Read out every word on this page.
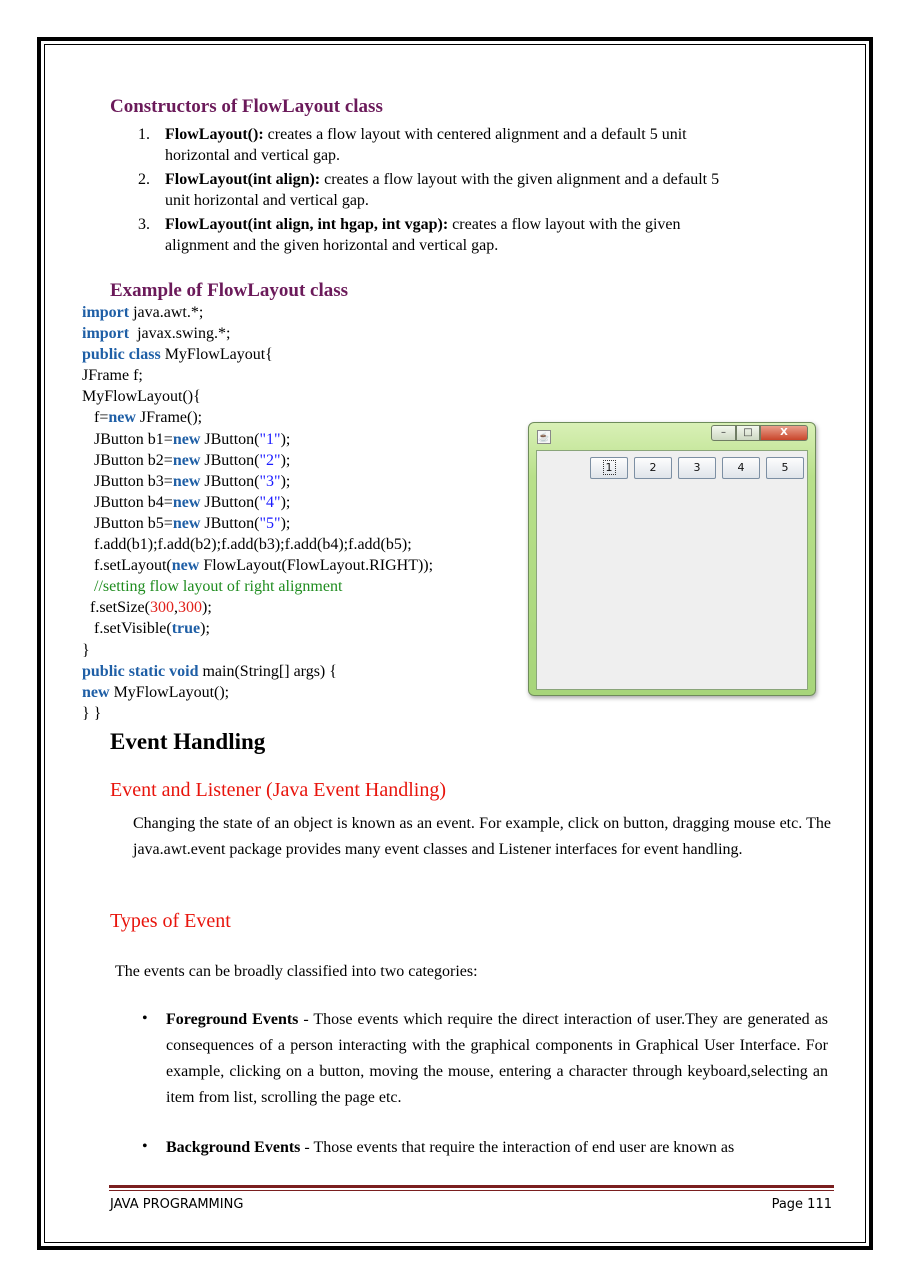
Constructors of FlowLayout class
1. FlowLayout(): creates a flow layout with centered alignment and a default 5 unit
horizontal and vertical gap.
2. FlowLayout(int align): creates a flow layout with the given alignment and a default 5
unit horizontal and vertical gap.
3. FlowLayout(int align, int hgap, int vgap): creates a flow layout with the given
alignment and the given horizontal and vertical gap.
Example of FlowLayout class
import java.awt.*;
import  javax.swing.*;
public class MyFlowLayout{
JFrame f;
MyFlowLayout(){
f=new JFrame();
JButton b1=new JButton("1");
JButton b2=new JButton("2");
JButton b3=new JButton("3");
JButton b4=new JButton("4");
JButton b5=new JButton("5");
f.add(b1);f.add(b2);f.add(b3);f.add(b4);f.add(b5);
f.setLayout(new FlowLayout(FlowLayout.RIGHT));
//setting flow layout of right alignment
f.setSize(300,300);
f.setVisible(true);
}
public static void main(String[] args) {
new MyFlowLayout();
} }
☕	–	□	X
1	2	3	4	5
Event Handling
Event and Listener (Java Event Handling)
Changing the state of an object is known as an event. For example, click on button, dragging mouse etc. The java.awt.event package provides many event classes and Listener interfaces for event handling.
Types of Event
The events can be broadly classified into two categories:
• Foreground Events - Those events which require the direct interaction of user.They are generated as consequences of a person interacting with the graphical components in Graphical User Interface. For example, clicking on a button, moving the mouse, entering a character through keyboard,selecting an item from list, scrolling the page etc.
• Background Events - Those events that require the interaction of end user are known as
JAVA PROGRAMMING	Page 111
